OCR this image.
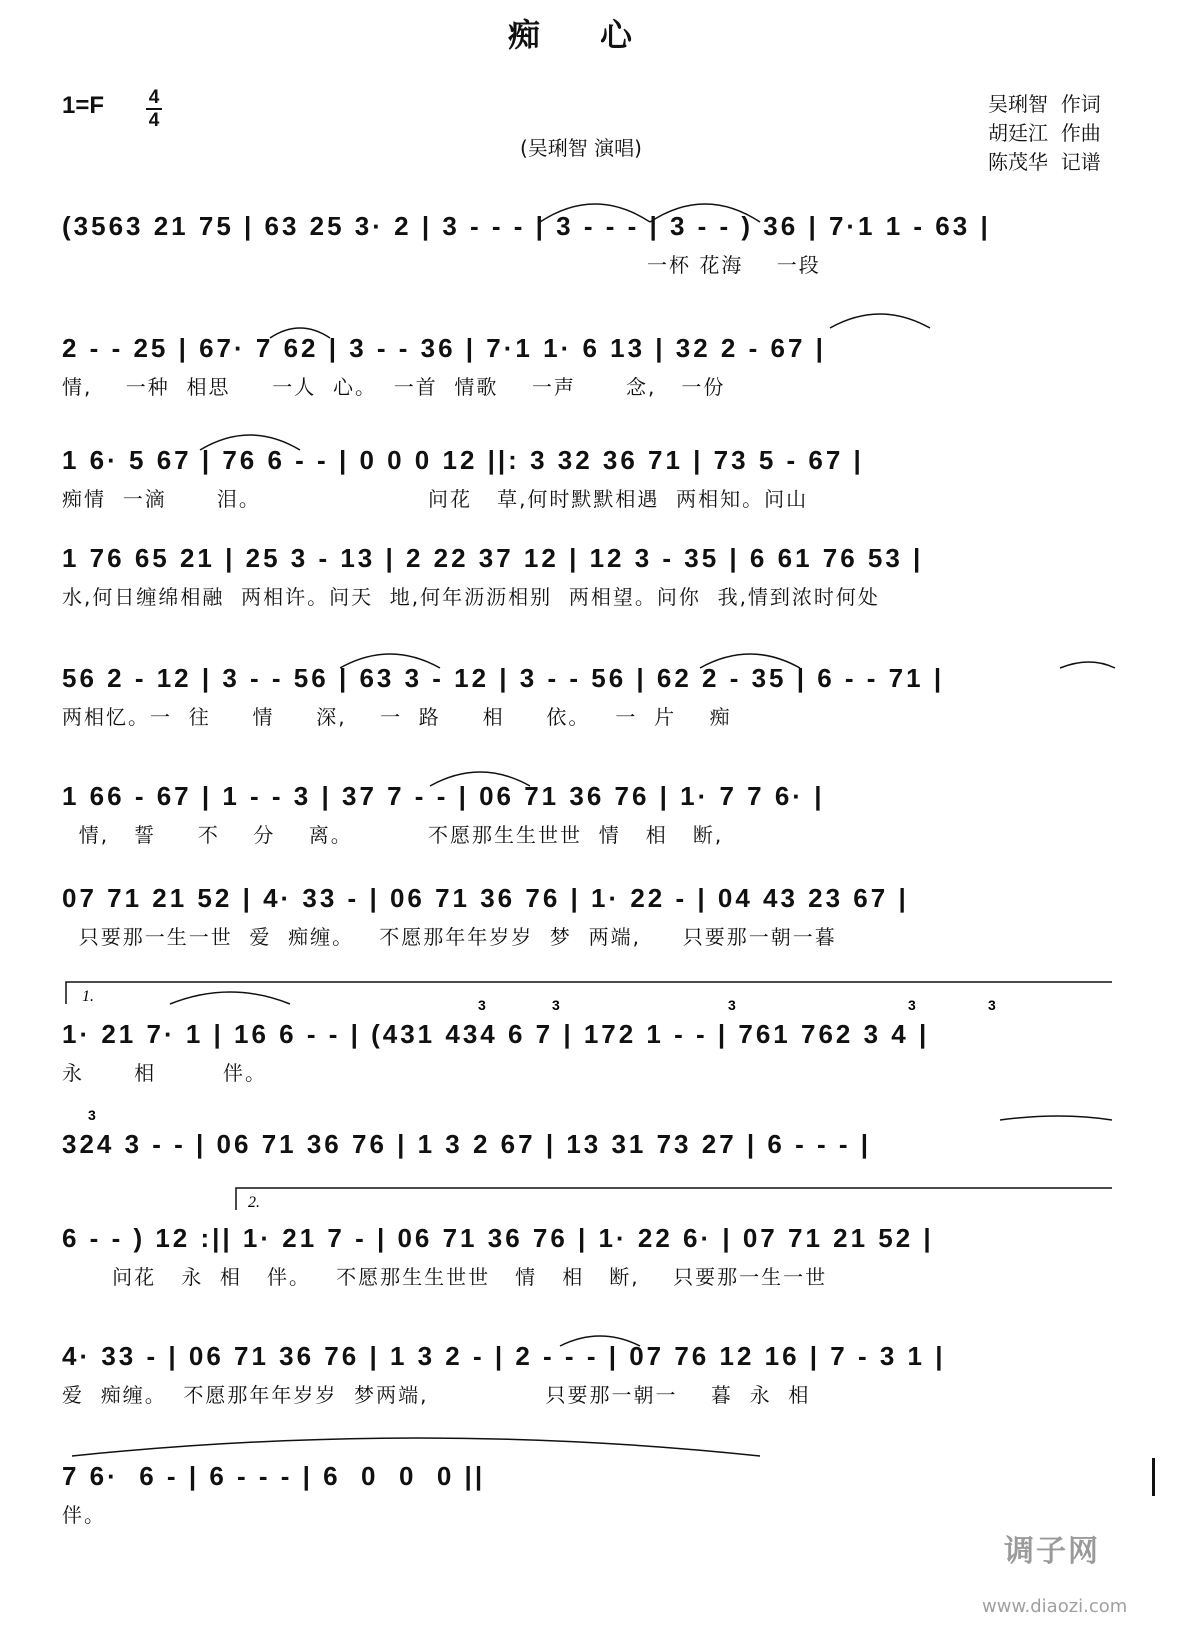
痴心
1=F 4
4
(吴琍智 演唱)
吴琍智  作词
胡廷江  作曲
陈茂华  记谱
(3563 21 75 | 63 25 3· 2 | 3 - - - | 3 - - - | 3 - - ) 36 | 7·1 1 - 63 |
一杯 花海    一段
2 - - 25 | 67· 7 62 | 3 - - 36 | 7·1 1· 6 13 | 32 2 - 67 |
情,    一种  相思     一人  心。  一首  情歌    一声      念,   一份
1 6· 5 67 | 76 6 - - | 0 0 0 12 ||: 3 32 36 71 | 73 5 - 67 |
痴情  一滴      泪。                    问花   草,何时默默相遇  两相知。问山
1 76 65 21 | 25 3 - 13 | 2 22 37 12 | 12 3 - 35 | 6 61 76 53 |
水,何日缠绵相融  两相许。问天  地,何年沥沥相别  两相望。问你  我,情到浓时何处
56 2 - 12 | 3 - - 56 | 63 3 - 12 | 3 - - 56 | 62 2 - 35 | 6 - - 71 |
两相忆。一  往     情     深,    一  路     相     依。   一  片    痴
1 66 - 67 | 1 - - 3 | 37 7 - - | 06 71 36 76 | 1· 7 7 6· |
情,   誓     不    分    离。         不愿那生生世世  情   相   断,
07 71 21 52 | 4· 33 - | 06 71 36 76 | 1· 22 - | 04 43 23 67 |
只要那一生一世  爱  痴缠。   不愿那年年岁岁  梦  两端,     只要那一朝一暮
1· 21 7· 1 | 16 6 - - | (431 434 6 7 | 172 1 - - | 761 762 3 4 |
永      相        伴。
324 3 - - | 06 71 36 76 | 1 3 2 67 | 13 31 73 27 | 6 - - - |
6 - - ) 12 :|| 1· 21 7 - | 06 71 36 76 | 1· 22 6· | 07 71 21 52 |
问花   永  相   伴。   不愿那生生世世   情   相   断,    只要那一生一世
4· 33 - | 06 71 36 76 | 1 3 2 - | 2 - - - | 07 76 12 16 | 7 - 3 1 |
爱  痴缠。  不愿那年年岁岁  梦两端,              只要那一朝一    暮  永  相
7 6·  6 - | 6 - - - | 6  0  0  0 ||
伴。
1.
2.
3	3	3	3	3
3
调子网
www.diaozi.com
